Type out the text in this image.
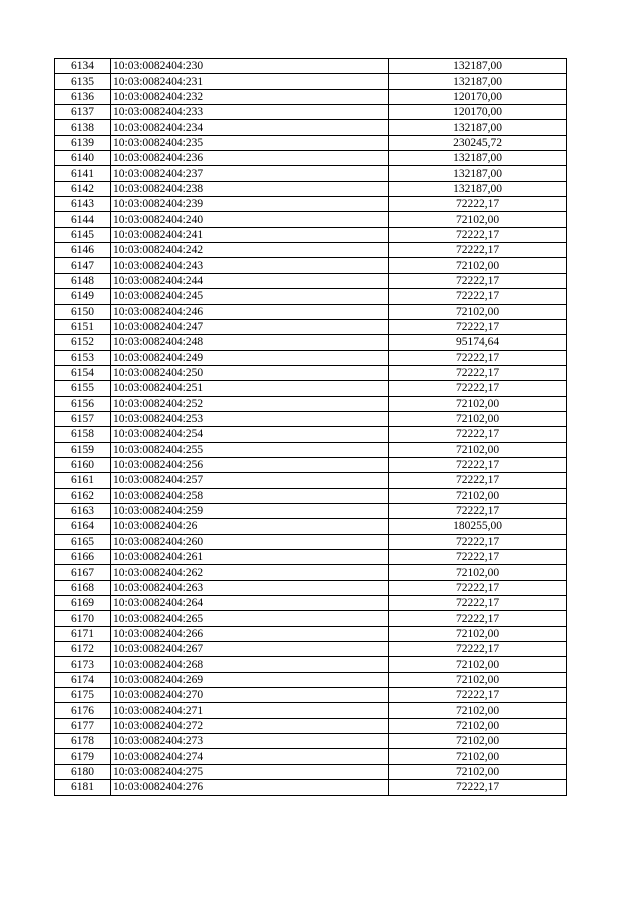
6134	10:03:0082404:230	132187,00
6135	10:03:0082404:231	132187,00
6136	10:03:0082404:232	120170,00
6137	10:03:0082404:233	120170,00
6138	10:03:0082404:234	132187,00
6139	10:03:0082404:235	230245,72
6140	10:03:0082404:236	132187,00
6141	10:03:0082404:237	132187,00
6142	10:03:0082404:238	132187,00
6143	10:03:0082404:239	72222,17
6144	10:03:0082404:240	72102,00
6145	10:03:0082404:241	72222,17
6146	10:03:0082404:242	72222,17
6147	10:03:0082404:243	72102,00
6148	10:03:0082404:244	72222,17
6149	10:03:0082404:245	72222,17
6150	10:03:0082404:246	72102,00
6151	10:03:0082404:247	72222,17
6152	10:03:0082404:248	95174,64
6153	10:03:0082404:249	72222,17
6154	10:03:0082404:250	72222,17
6155	10:03:0082404:251	72222,17
6156	10:03:0082404:252	72102,00
6157	10:03:0082404:253	72102,00
6158	10:03:0082404:254	72222,17
6159	10:03:0082404:255	72102,00
6160	10:03:0082404:256	72222,17
6161	10:03:0082404:257	72222,17
6162	10:03:0082404:258	72102,00
6163	10:03:0082404:259	72222,17
6164	10:03:0082404:26	180255,00
6165	10:03:0082404:260	72222,17
6166	10:03:0082404:261	72222,17
6167	10:03:0082404:262	72102,00
6168	10:03:0082404:263	72222,17
6169	10:03:0082404:264	72222,17
6170	10:03:0082404:265	72222,17
6171	10:03:0082404:266	72102,00
6172	10:03:0082404:267	72222,17
6173	10:03:0082404:268	72102,00
6174	10:03:0082404:269	72102,00
6175	10:03:0082404:270	72222,17
6176	10:03:0082404:271	72102,00
6177	10:03:0082404:272	72102,00
6178	10:03:0082404:273	72102,00
6179	10:03:0082404:274	72102,00
6180	10:03:0082404:275	72102,00
6181	10:03:0082404:276	72222,17
